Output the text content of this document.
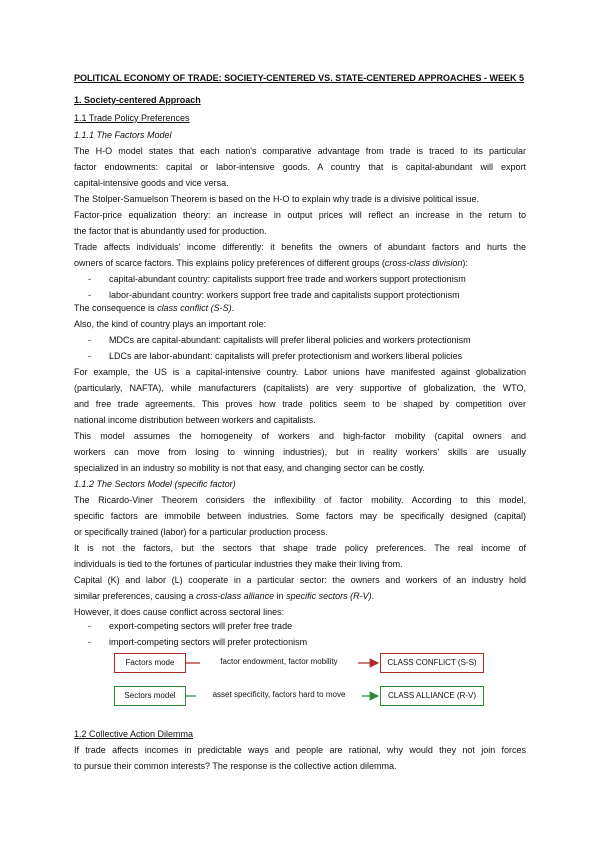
POLITICAL ECONOMY OF TRADE: SOCIETY-CENTERED VS. STATE-CENTERED APPROACHES - WEEK 5
1. Society-centered Approach
1.1 Trade Policy Preferences
1.1.1 The Factors Model
The H-O model states that each nation's comparative advantage from trade is traced to its particular
factor endowments: capital or labor-intensive goods. A country that is capital-abundant will export
capital-intensive goods and vice versa.
The Stolper-Samuelson Theorem is based on the H-O to explain why trade is a divisive political issue.
Factor-price equalization theory: an increase in output prices will reflect an increase in the return to
the factor that is abundantly used for production.
Trade affects individuals' income differently: it benefits the owners of abundant factors and hurts the
owners of scarce factors. This explains policy preferences of different groups (cross-class division):
- capital-abundant country: capitalists support free trade and workers support protectionism
- labor-abundant country: workers support free trade and capitalists support protectionism
The consequence is class conflict (S-S).
Also, the kind of country plays an important role:
- MDCs are capital-abundant: capitalists will prefer liberal policies and workers protectionism
- LDCs are labor-abundant: capitalists will prefer protectionism and workers liberal policies
For example, the US is a capital-intensive country. Labor unions have manifested against globalization
(particularly, NAFTA), while manufacturers (capitalists) are very supportive of globalization, the WTO,
and free trade agreements. This proves how trade politics seem to be shaped by competition over
national income distribution between workers and capitalists.
This model assumes the homogeneity of workers and high-factor mobility (capital owners and
workers can move from losing to winning industries), but in reality workers' skills are usually
specialized in an industry so mobility is not that easy, and changing sector can be costly.
1.1.2 The Sectors Model (specific factor)
The Ricardo-Viner Theorem considers the inflexibility of factor mobility. According to this model,
specific factors are immobile between industries. Some factors may be specifically designed (capital)
or specifically trained (labor) for a particular production process.
It is not the factors, but the sectors that shape trade policy preferences. The real income of
individuals is tied to the fortunes of particular industries they make their living from.
Capital (K) and labor (L) cooperate in a particular sector: the owners and workers of an industry hold
similar preferences, causing a cross-class alliance in specific sectors (R-V).
However, it does cause conflict across sectoral lines:
- export-competing sectors will prefer free trade
- import-competing sectors will prefer protectionism
Factors mode	factor endowment, factor mobility	CLASS CONFLICT (S-S)
Sectors model	asset specificity, factors hard to move	CLASS ALLIANCE (R-V)
1.2 Collective Action Dilemma
If trade affects incomes in predictable ways and people are rational, why would they not join forces
to pursue their common interests? The response is the collective action dilemma.
